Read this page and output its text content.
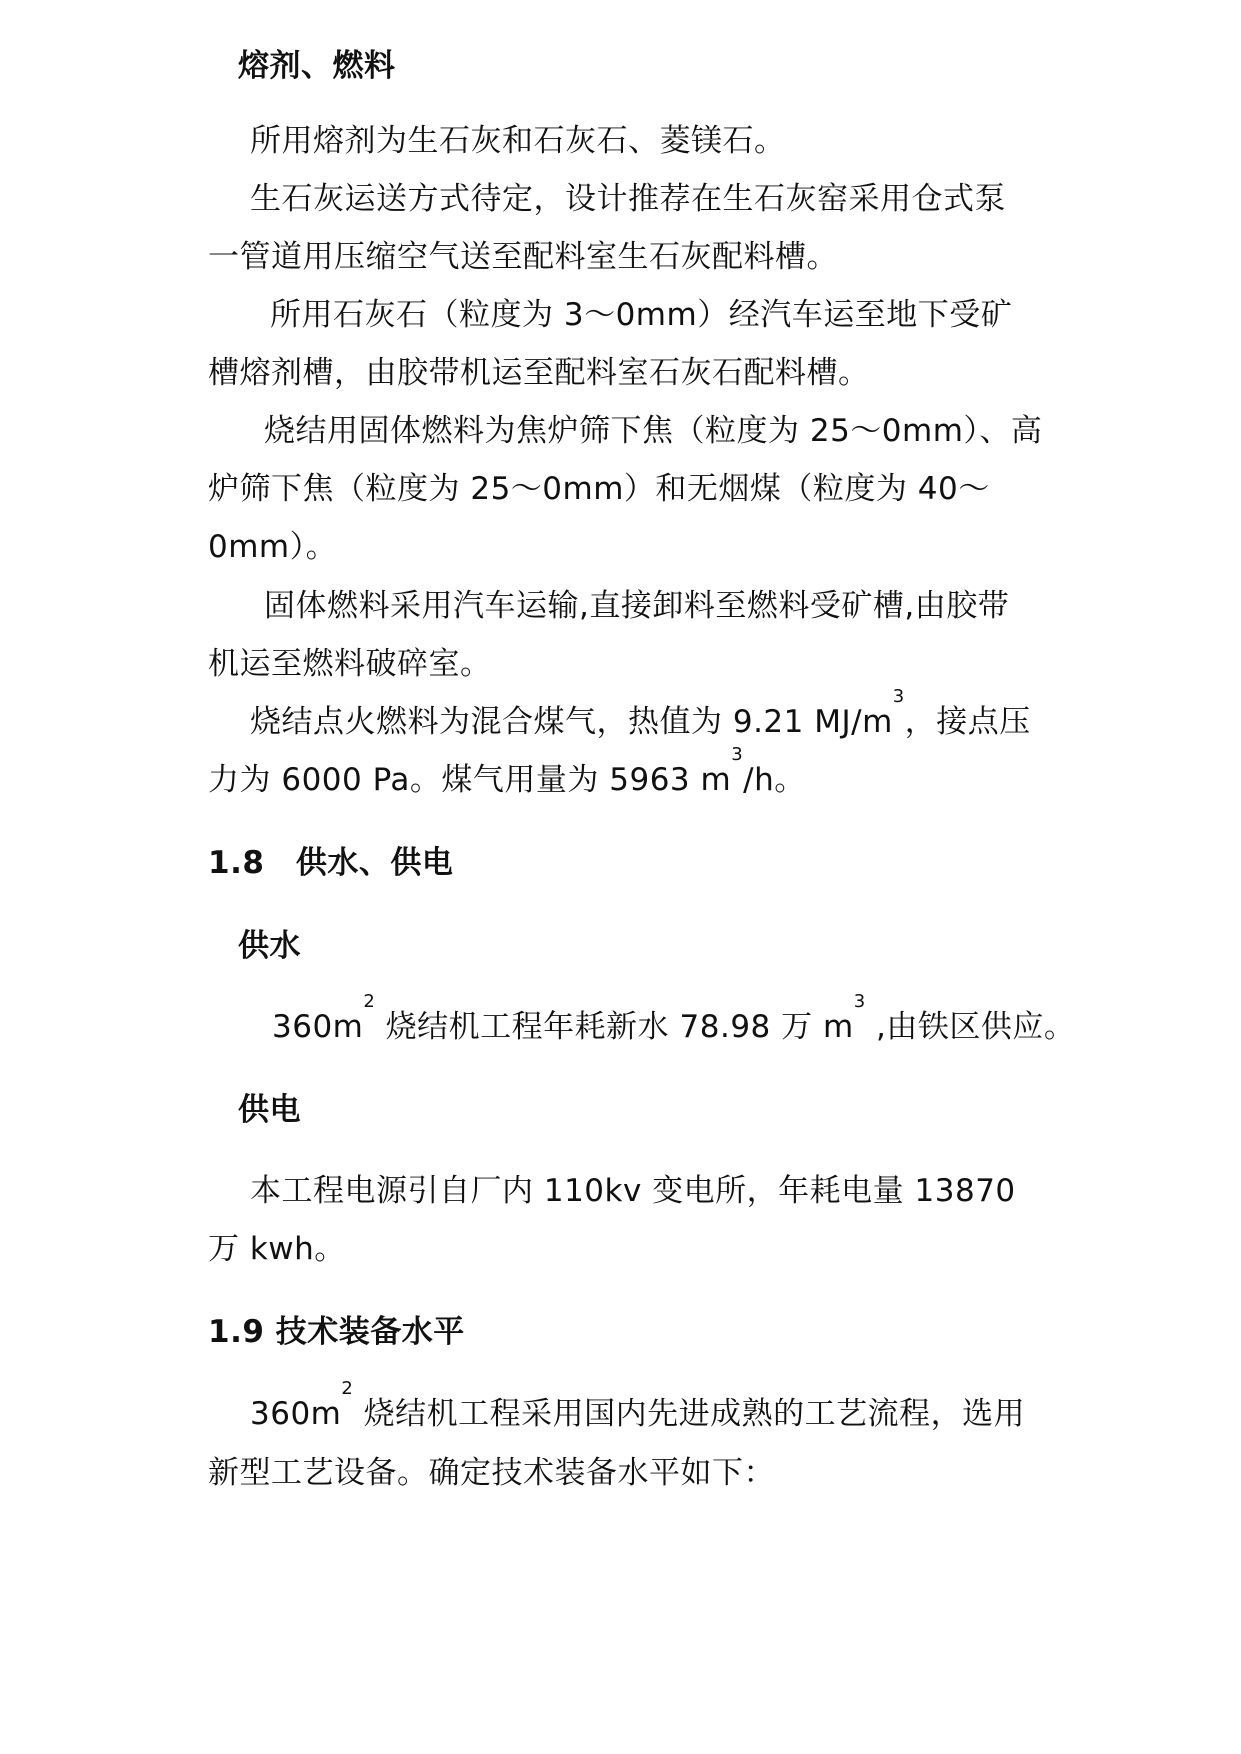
熔剂、燃料
所用熔剂为生石灰和石灰石、菱镁石。
生石灰运送方式待定，设计推荐在生石灰窑采用仓式泵
一管道用压缩空气送至配料室生石灰配料槽。
所用石灰石（粒度为 3～0mm）经汽车运至地下受矿
槽熔剂槽，由胶带机运至配料室石灰石配料槽。
烧结用固体燃料为焦炉筛下焦（粒度为 25～0mm）、高
炉筛下焦（粒度为 25～0mm）和无烟煤（粒度为 40～
0mm）。
固体燃料采用汽车运输,直接卸料至燃料受矿槽,由胶带
机运至燃料破碎室。
烧结点火燃料为混合煤气，热值为 9.21 $MJ/m^3$，接点压
力为 6000 Pa。煤气用量为 5963 $m^3/h$。
1.8　供水、供电
供水
$360m^2$ 烧结机工程年耗新水 78.98 万 $m^3$ ,由铁区供应。
供电
本工程电源引自厂内 110kv 变电所，年耗电量 13870
万 kwh。
1.9 技术装备水平
$360m^2$ 烧结机工程采用国内先进成熟的工艺流程，选用
新型工艺设备。确定技术装备水平如下：
